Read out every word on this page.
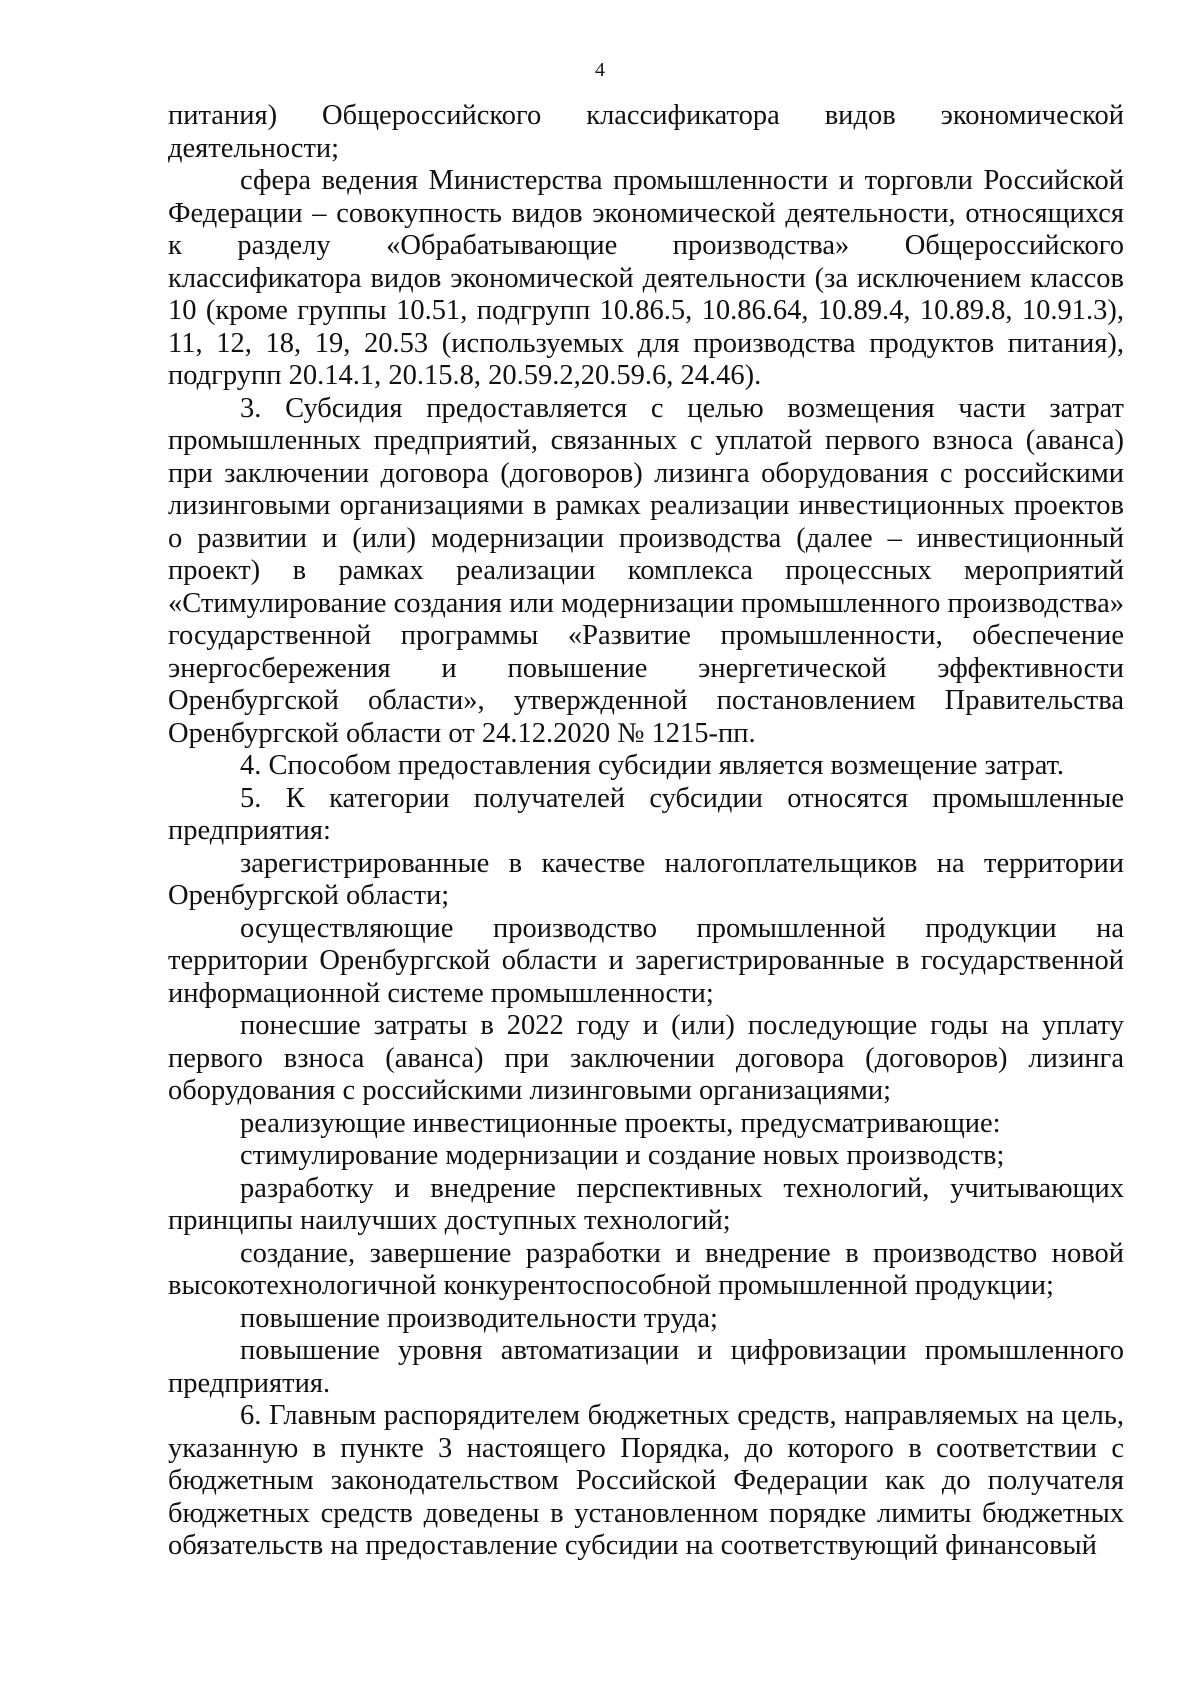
4

питания) Общероссийского классификатора видов экономической деятельности;

сфера ведения Министерства промышленности и торговли Российской Федерации – совокупность видов экономической деятельности, относящихся к разделу «Обрабатывающие производства» Общероссийского классификатора видов экономической деятельности (за исключением классов 10 (кроме группы 10.51, подгрупп 10.86.5, 10.86.64, 10.89.4, 10.89.8, 10.91.3), 11, 12, 18, 19, 20.53 (используемых для производства продуктов питания), подгрупп 20.14.1, 20.15.8, 20.59.2,20.59.6, 24.46).

3. Субсидия предоставляется с целью возмещения части затрат промышленных предприятий, связанных с уплатой первого взноса (аванса) при заключении договора (договоров) лизинга оборудования с российскими лизинговыми организациями в рамках реализации инвестиционных проектов о развитии и (или) модернизации производства (далее – инвестиционный проект) в рамках реализации комплекса процессных мероприятий «Стимулирование создания или модернизации промышленного производства» государственной программы «Развитие промышленности, обеспечение энергосбережения и повышение энергетической эффективности Оренбургской области», утвержденной постановлением Правительства Оренбургской области от 24.12.2020 № 1215-пп.

4. Способом предоставления субсидии является возмещение затрат.

5. К категории получателей субсидии относятся промышленные предприятия:

зарегистрированные в качестве налогоплательщиков на территории Оренбургской области;

осуществляющие производство промышленной продукции на территории Оренбургской области и зарегистрированные в государственной информационной системе промышленности;

понесшие затраты в 2022 году и (или) последующие годы на уплату первого взноса (аванса) при заключении договора (договоров) лизинга оборудования с российскими лизинговыми организациями;

реализующие инвестиционные проекты, предусматривающие:

стимулирование модернизации и создание новых производств;

разработку и внедрение перспективных технологий, учитывающих принципы наилучших доступных технологий;

создание, завершение разработки и внедрение в производство новой высокотехнологичной конкурентоспособной промышленной продукции;

повышение производительности труда;

повышение уровня автоматизации и цифровизации промышленного предприятия.

6. Главным распорядителем бюджетных средств, направляемых на цель, указанную в пункте 3 настоящего Порядка, до которого в соответствии с бюджетным законодательством Российской Федерации как до получателя бюджетных средств доведены в установленном порядке лимиты бюджетных обязательств на предоставление субсидии на соответствующий финансовый
